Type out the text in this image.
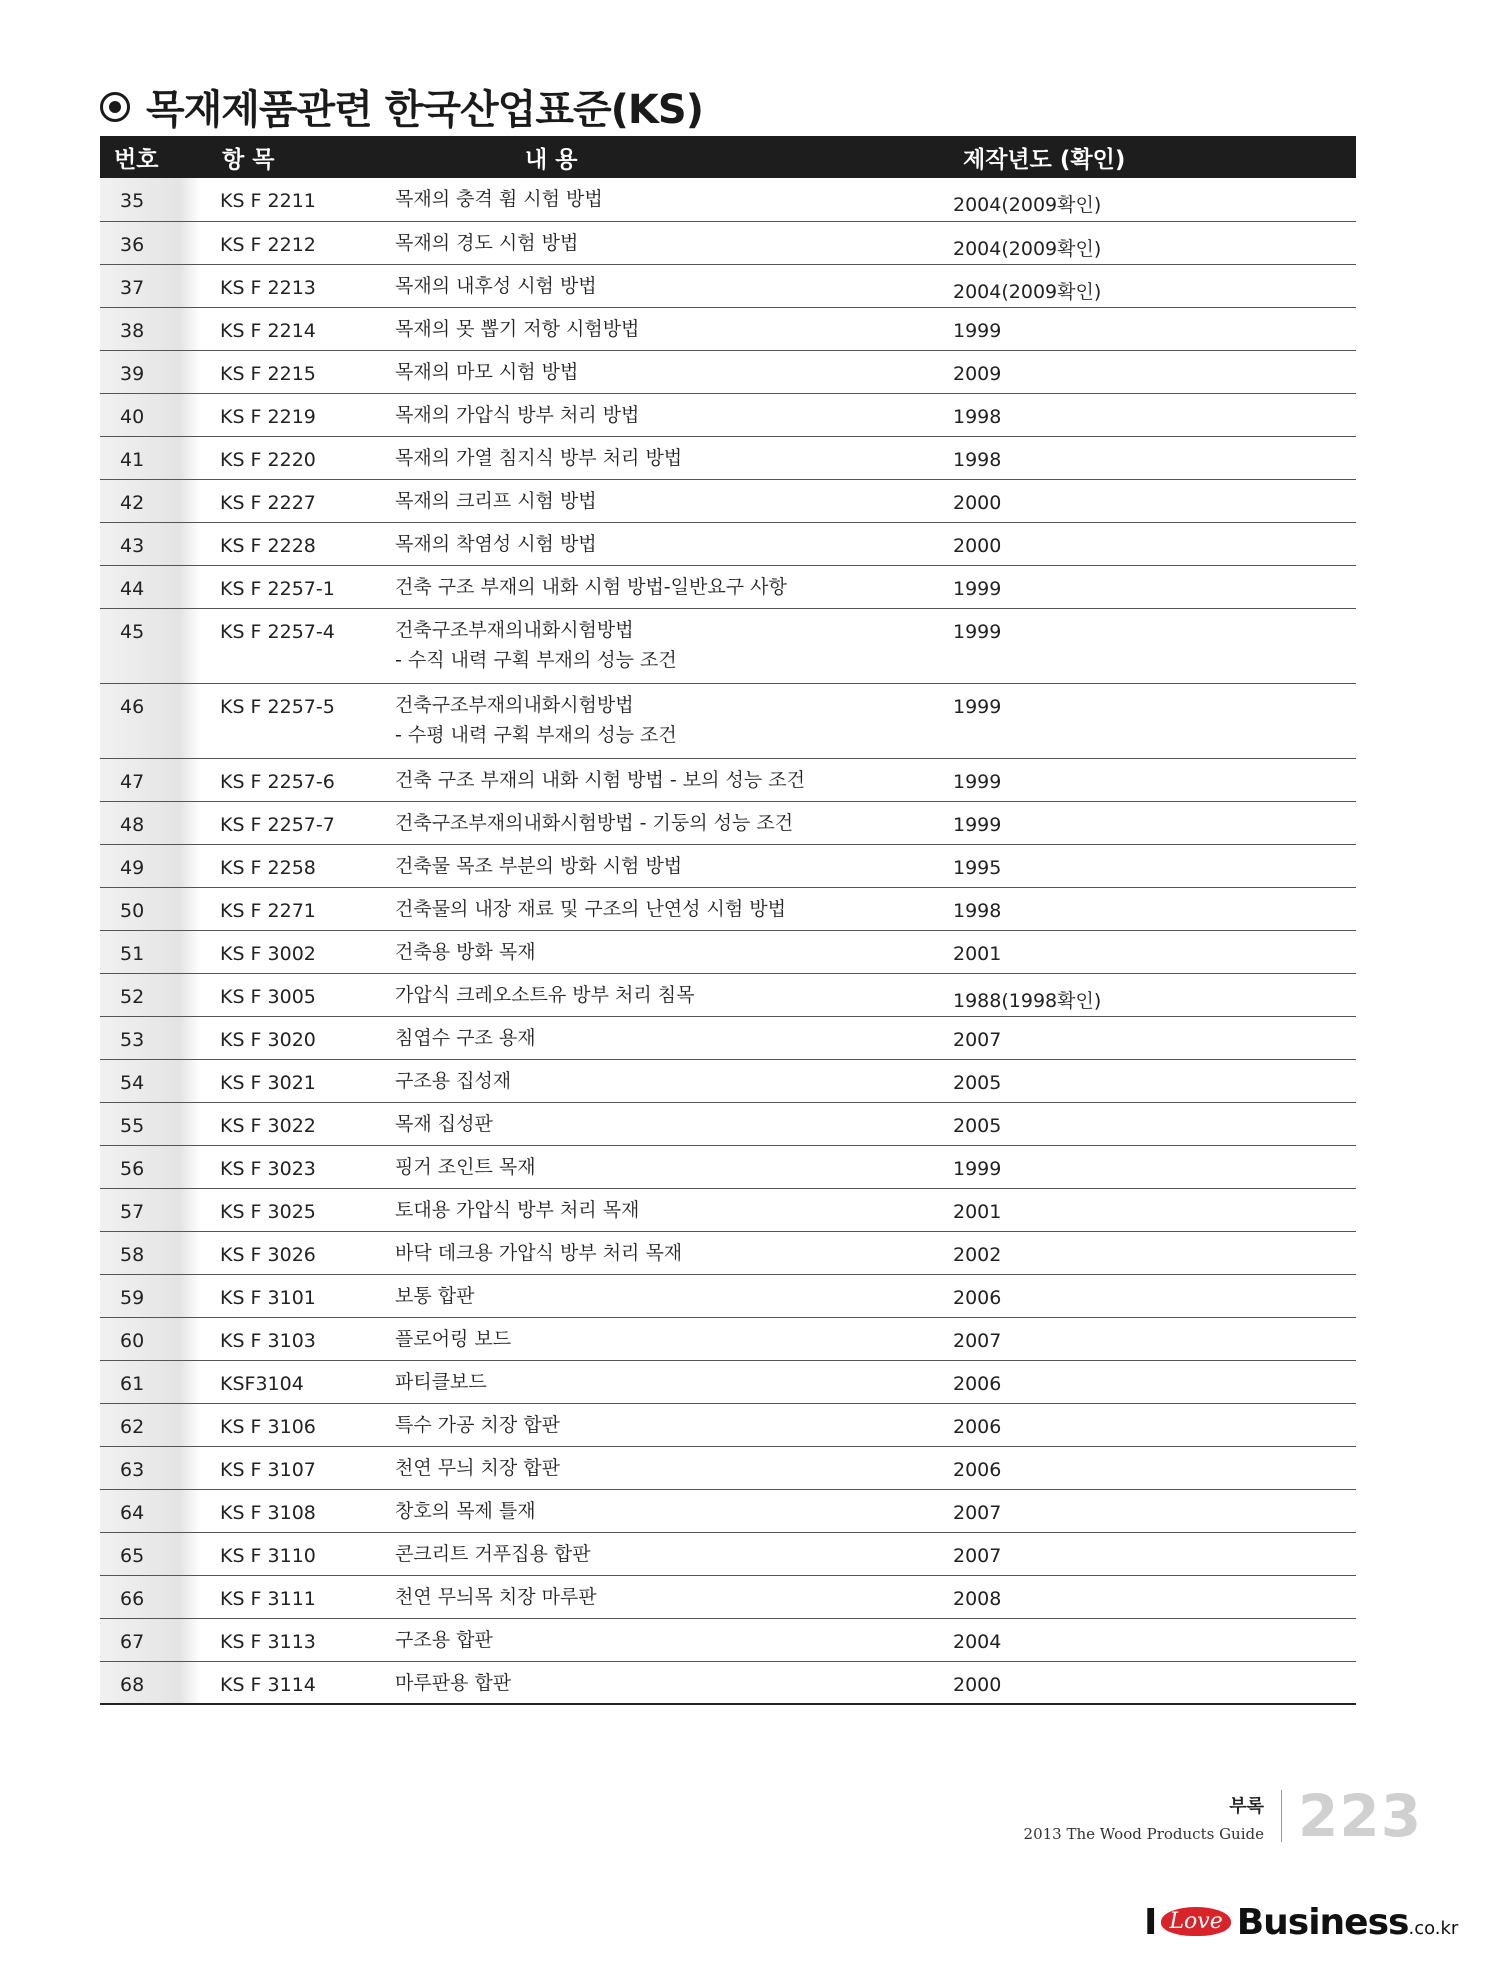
목재제품관련 한국산업표준(KS)
번호	항 목	내 용	제작년도 (확인)
35	KS F 2211	목재의 충격 휨 시험 방법	2004(2009확인)
36	KS F 2212	목재의 경도 시험 방법	2004(2009확인)
37	KS F 2213	목재의 내후성 시험 방법	2004(2009확인)
38	KS F 2214	목재의 못 뽑기 저항 시험방법	1999
39	KS F 2215	목재의 마모 시험 방법	2009
40	KS F 2219	목재의 가압식 방부 처리 방법	1998
41	KS F 2220	목재의 가열 침지식 방부 처리 방법	1998
42	KS F 2227	목재의 크리프 시험 방법	2000
43	KS F 2228	목재의 착염성 시험 방법	2000
44	KS F 2257-1	건축 구조 부재의 내화 시험 방법-일반요구 사항	1999
45	KS F 2257-4	건축구조부재의내화시험방법
- 수직 내력 구획 부재의 성능 조건	1999
46	KS F 2257-5	건축구조부재의내화시험방법
- 수평 내력 구획 부재의 성능 조건	1999
47	KS F 2257-6	건축 구조 부재의 내화 시험 방법 - 보의 성능 조건	1999
48	KS F 2257-7	건축구조부재의내화시험방법 - 기둥의 성능 조건	1999
49	KS F 2258	건축물 목조 부분의 방화 시험 방법	1995
50	KS F 2271	건축물의 내장 재료 및 구조의 난연성 시험 방법	1998
51	KS F 3002	건축용 방화 목재	2001
52	KS F 3005	가압식 크레오소트유 방부 처리 침목	1988(1998확인)
53	KS F 3020	침엽수 구조 용재	2007
54	KS F 3021	구조용 집성재	2005
55	KS F 3022	목재 집성판	2005
56	KS F 3023	핑거 조인트 목재	1999
57	KS F 3025	토대용 가압식 방부 처리 목재	2001
58	KS F 3026	바닥 데크용 가압식 방부 처리 목재	2002
59	KS F 3101	보통 합판	2006
60	KS F 3103	플로어링 보드	2007
61	KSF3104	파티클보드	2006
62	KS F 3106	특수 가공 치장 합판	2006
63	KS F 3107	천연 무늬 치장 합판	2006
64	KS F 3108	창호의 목제 틀재	2007
65	KS F 3110	콘크리트 거푸집용 합판	2007
66	KS F 3111	천연 무늬목 치장 마루판	2008
67	KS F 3113	구조용 합판	2004
68	KS F 3114	마루판용 합판	2000
부록
2013 The Wood Products Guide 223
I Love Business .co.kr
